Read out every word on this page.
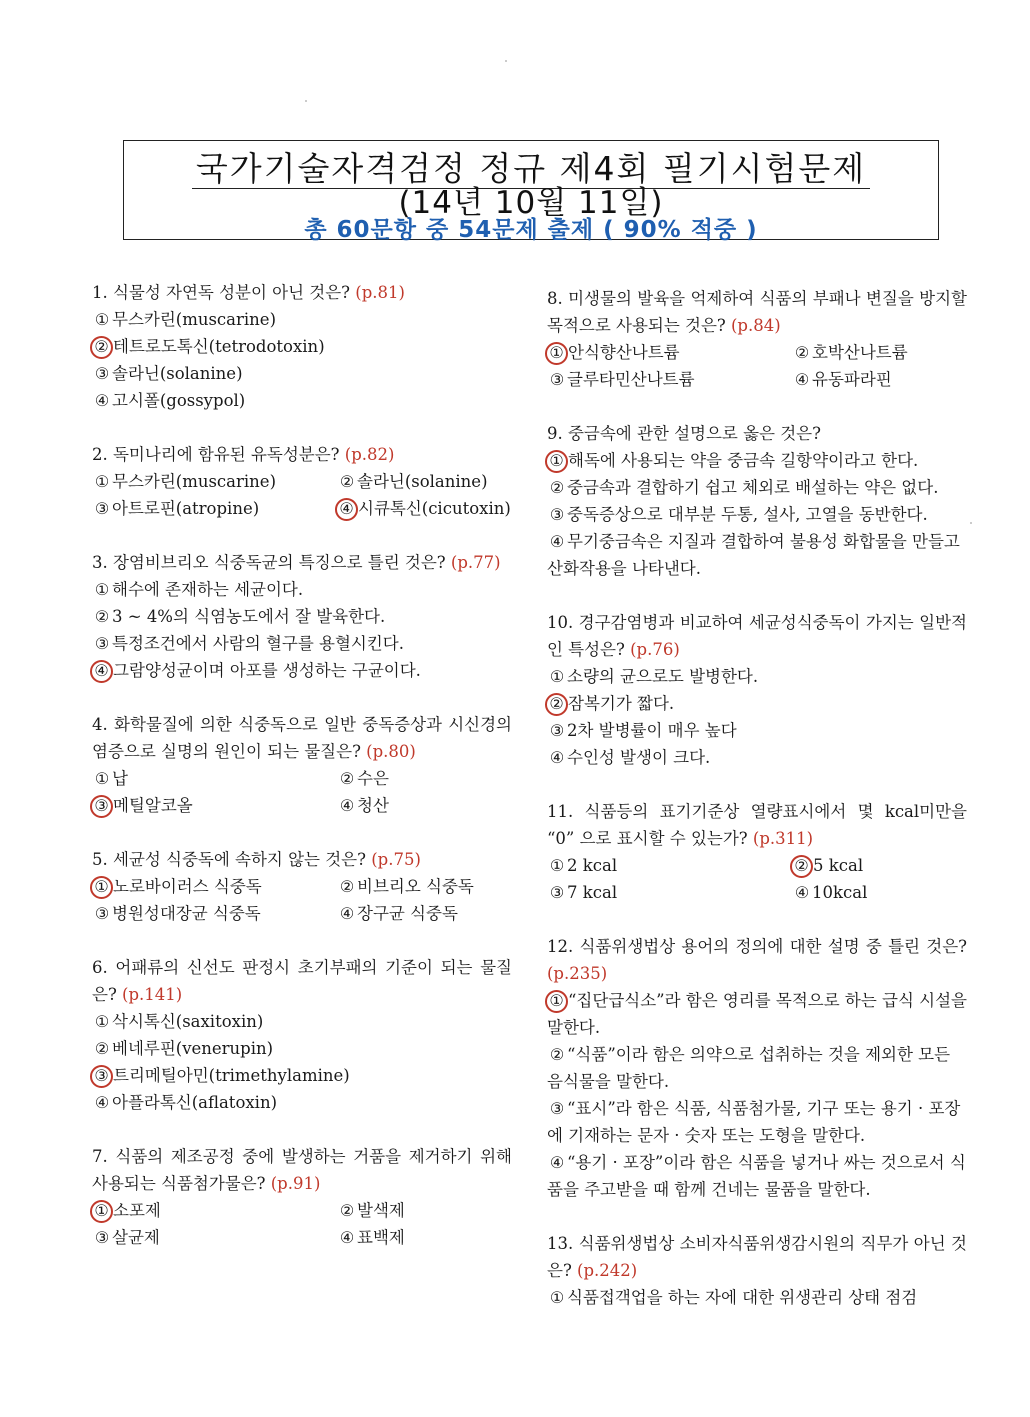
국가기술자격검정 정규 제4회 필기시험문제
(14년 10월 11일)
총 60문항 중 54문제 출제 ( 90% 적중 )
1. 식물성 자연독 성분이 아닌 것은? (p.81)
① 무스카린(muscarine)
② 테트로도톡신(tetrodotoxin)
③ 솔라닌(solanine)
④ 고시폴(gossypol)
2. 독미나리에 함유된 유독성분은? (p.82)
① 무스카린(muscarine)	② 솔라닌(solanine)
③ 아트로핀(atropine)	④ 시큐톡신(cicutoxin)
3. 장염비브리오 식중독균의 특징으로 틀린 것은? (p.77)
① 해수에 존재하는 세균이다.
② 3 ~ 4%의 식염농도에서 잘 발육한다.
③ 특정조건에서 사람의 혈구를 용혈시킨다.
④ 그람양성균이며 아포를 생성하는 구균이다.
4. 화학물질에 의한 식중독으로 일반 중독증상과 시신경의 염증으로 실명의 원인이 되는 물질은? (p.80)
① 납	② 수은
③ 메틸알코올	④ 청산
5. 세균성 식중독에 속하지 않는 것은? (p.75)
① 노로바이러스 식중독	② 비브리오 식중독
③ 병원성대장균 식중독	④ 장구균 식중독
6. 어패류의 신선도 판정시 초기부패의 기준이 되는 물질은? (p.141)
① 삭시톡신(saxitoxin)
② 베네루핀(venerupin)
③ 트리메틸아민(trimethylamine)
④ 아플라톡신(aflatoxin)
7. 식품의 제조공정 중에 발생하는 거품을 제거하기 위해 사용되는 식품첨가물은? (p.91)
① 소포제	② 발색제
③ 살균제	④ 표백제
8. 미생물의 발육을 억제하여 식품의 부패나 변질을 방지할 목적으로 사용되는 것은? (p.84)
① 안식향산나트륨	② 호박산나트륨
③ 글루타민산나트륨	④ 유동파라핀
9. 중금속에 관한 설명으로 옳은 것은?
① 해독에 사용되는 약을 중금속 길항약이라고 한다.
② 중금속과 결합하기 쉽고 체외로 배설하는 약은 없다.
③ 중독증상으로 대부분 두통, 설사, 고열을 동반한다.
④ 무기중금속은 지질과 결합하여 불용성 화합물을 만들고 산화작용을 나타낸다.
10. 경구감염병과 비교하여 세균성식중독이 가지는 일반적인 특성은? (p.76)
① 소량의 균으로도 발병한다.
② 잠복기가 짧다.
③ 2차 발병률이 매우 높다
④ 수인성 발생이 크다.
11. 식품등의 표기기준상 열량표시에서 몇 kcal미만을 “0” 으로 표시할 수 있는가? (p.311)
① 2 kcal	② 5 kcal
③ 7 kcal	④ 10kcal
12. 식품위생법상 용어의 정의에 대한 설명 중 틀린 것은? (p.235)
① “집단급식소”라 함은 영리를 목적으로 하는 급식 시설을 말한다.
② “식품”이라 함은 의약으로 섭취하는 것을 제외한 모든 음식물을 말한다.
③ “표시”라 함은 식품, 식품첨가물, 기구 또는 용기 · 포장에 기재하는 문자 · 숫자 또는 도형을 말한다.
④ “용기 · 포장”이라 함은 식품을 넣거나 싸는 것으로서 식품을 주고받을 때 함께 건네는 물품을 말한다.
13. 식품위생법상 소비자식품위생감시원의 직무가 아닌 것은? (p.242)
① 식품접객업을 하는 자에 대한 위생관리 상태 점검
